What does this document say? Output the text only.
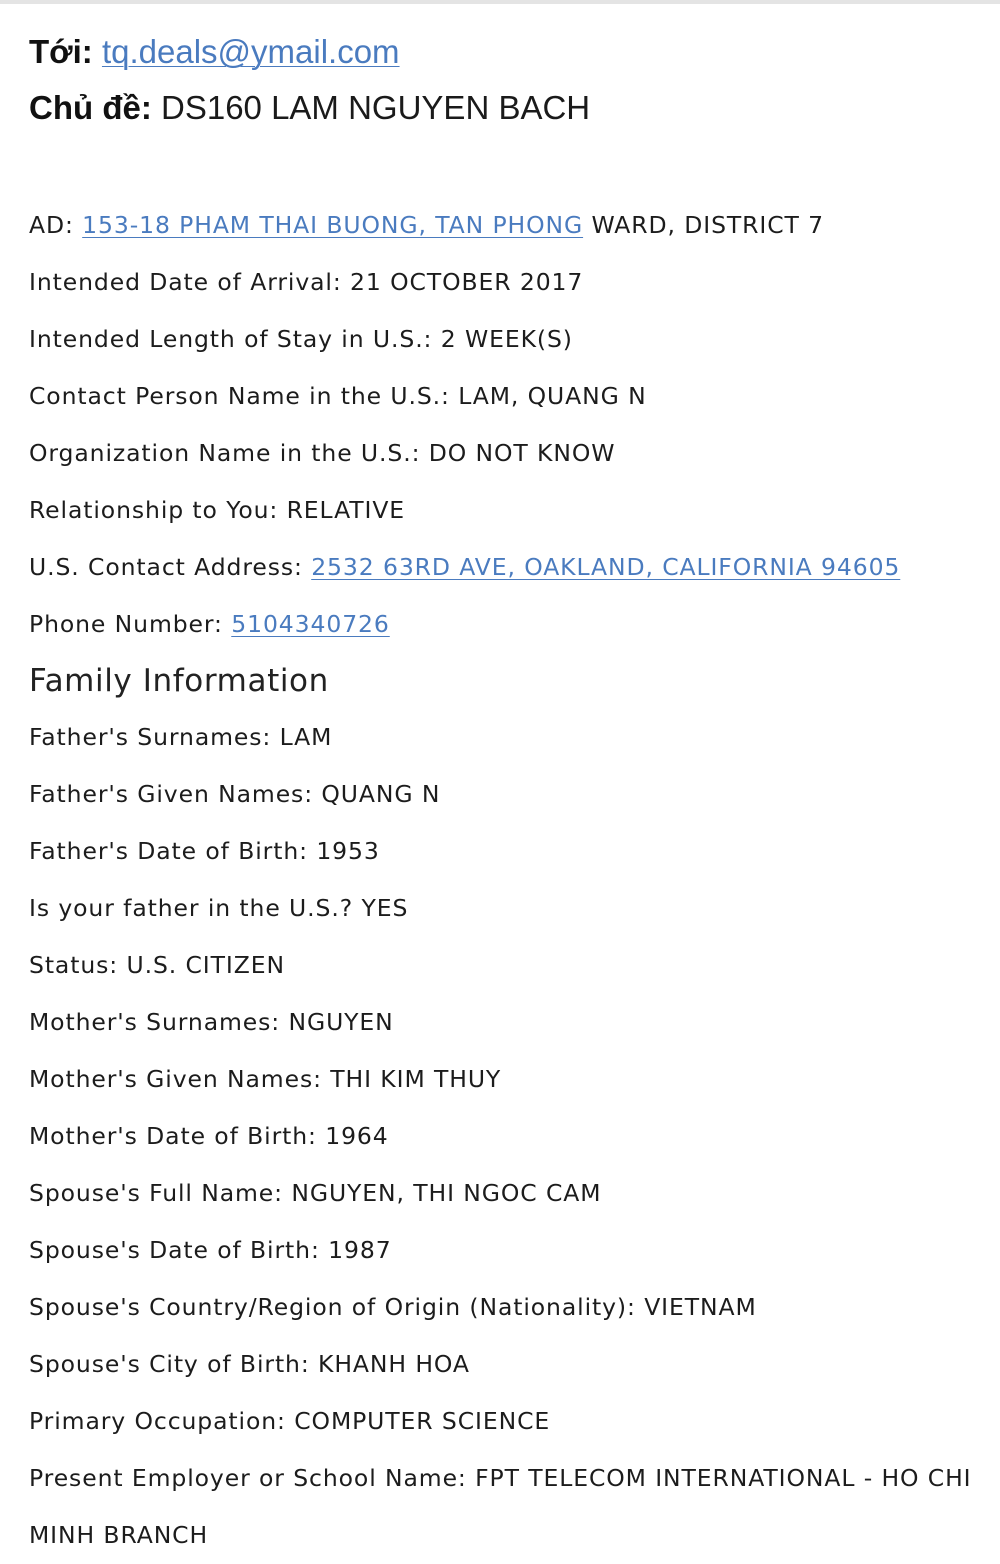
Tới: tq.deals@ymail.com
Chủ đề: DS160 LAM NGUYEN BACH
AD: 153-18 PHAM THAI BUONG, TAN PHONG WARD, DISTRICT 7
Intended Date of Arrival: 21 OCTOBER 2017
Intended Length of Stay in U.S.: 2 WEEK(S)
Contact Person Name in the U.S.: LAM, QUANG N
Organization Name in the U.S.: DO NOT KNOW
Relationship to You: RELATIVE
U.S. Contact Address: 2532 63RD AVE, OAKLAND, CALIFORNIA 94605
Phone Number: 5104340726
Family Information
Father's Surnames: LAM
Father's Given Names: QUANG N
Father's Date of Birth: 1953
Is your father in the U.S.? YES
Status: U.S. CITIZEN
Mother's Surnames: NGUYEN
Mother's Given Names: THI KIM THUY
Mother's Date of Birth: 1964
Spouse's Full Name: NGUYEN, THI NGOC CAM
Spouse's Date of Birth: 1987
Spouse's Country/Region of Origin (Nationality): VIETNAM
Spouse's City of Birth: KHANH HOA
Primary Occupation: COMPUTER SCIENCE
Present Employer or School Name: FPT TELECOM INTERNATIONAL - HO CHI MINH BRANCH
